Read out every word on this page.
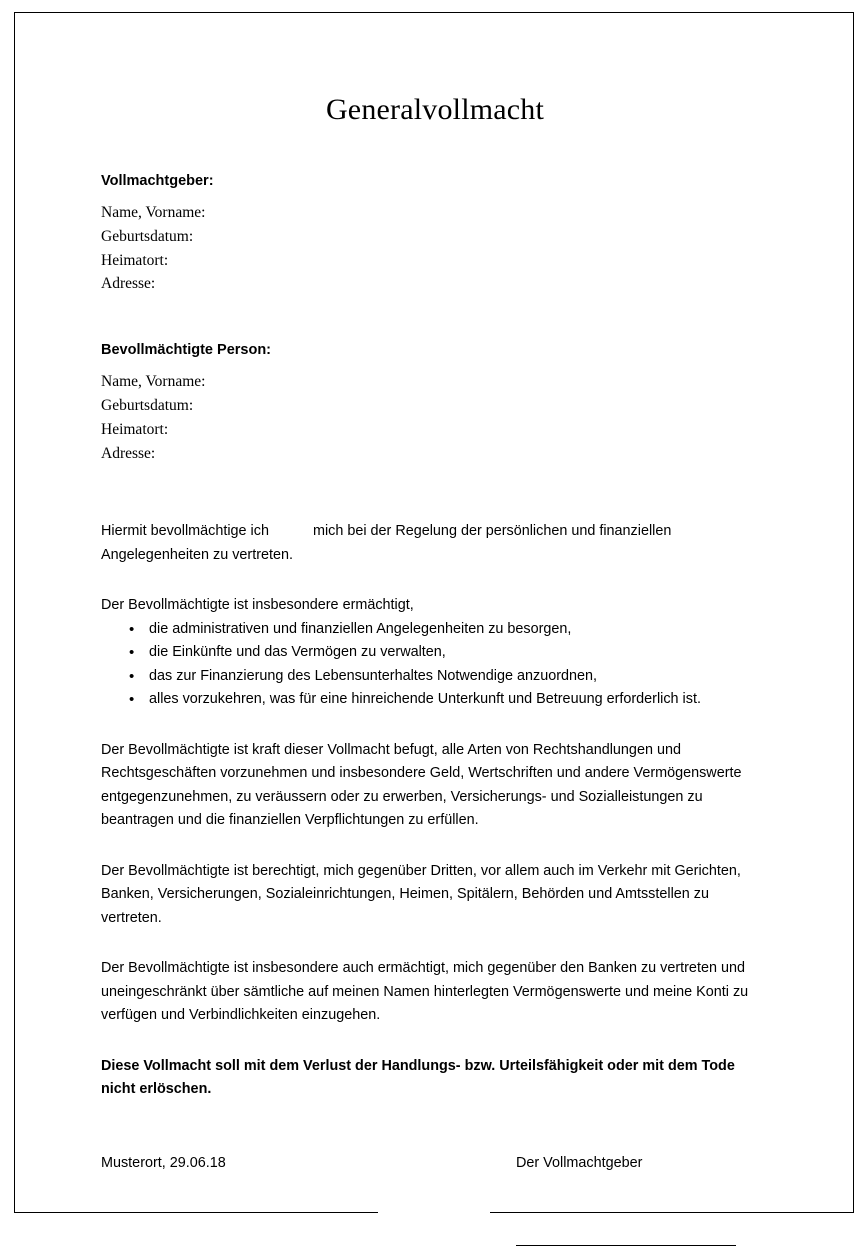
Generalvollmacht

Vollmachtgeber:

Name, Vorname:

Geburtsdatum:

Heimatort:

Adresse:

Bevollmächtigte Person:

Name, Vorname:

Geburtsdatum:

Heimatort:

Adresse:

Hiermit bevollmächtige ich	mich bei der Regelung der persönlichen und finanziellen Angelegenheiten zu vertreten.

Der Bevollmächtigte ist insbesondere ermächtigt,

• die administrativen und finanziellen Angelegenheiten zu besorgen,
• die Einkünfte und das Vermögen zu verwalten,
• das zur Finanzierung des Lebensunterhaltes Notwendige anzuordnen,
• alles vorzukehren, was für eine hinreichende Unterkunft und Betreuung erforderlich ist.

Der Bevollmächtigte ist kraft dieser Vollmacht befugt, alle Arten von Rechtshandlungen und Rechtsgeschäften vorzunehmen und insbesondere Geld, Wertschriften und andere Vermögenswerte entgegenzunehmen, zu veräussern oder zu erwerben, Versicherungs- und Sozialleistungen zu beantragen und die finanziellen Verpflichtungen zu erfüllen.

Der Bevollmächtigte ist berechtigt, mich gegenüber Dritten, vor allem auch im Verkehr mit Gerichten, Banken, Versicherungen, Sozialeinrichtungen, Heimen, Spitälern, Behörden und Amtsstellen zu vertreten.

Der Bevollmächtigte ist insbesondere auch ermächtigt, mich gegenüber den Banken zu vertreten und uneingeschränkt über sämtliche auf meinen Namen hinterlegten Vermögenswerte und meine Konti zu verfügen und Verbindlichkeiten einzugehen.

Diese Vollmacht soll mit dem Verlust der Handlungs- bzw. Urteilsfähigkeit oder mit dem Tode nicht erlöschen.

Musterort, 29.06.18	Der Vollmachtgeber
